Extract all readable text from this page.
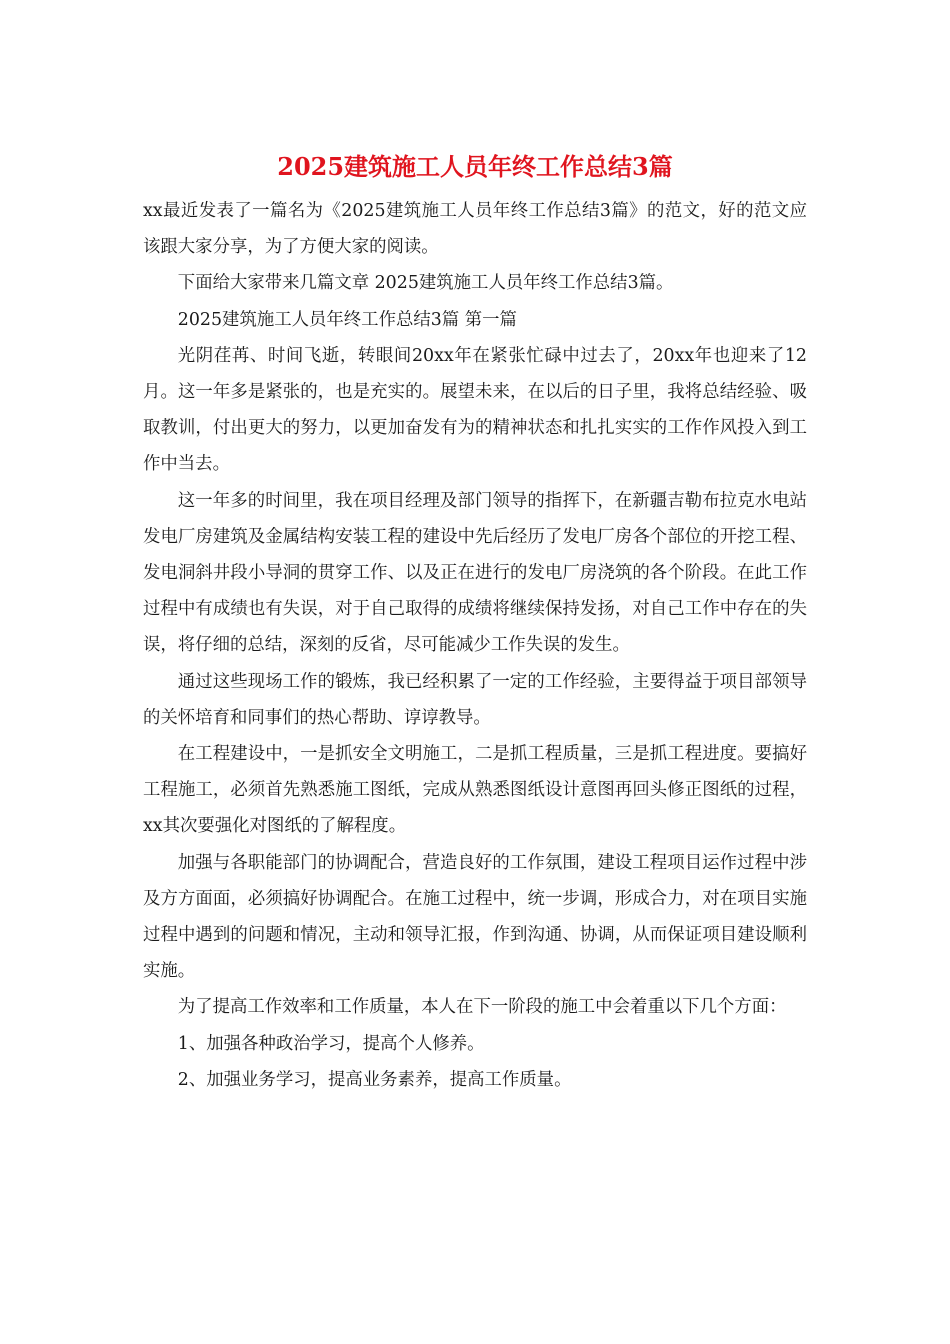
2025建筑施工人员年终工作总结3篇

xx最近发表了一篇名为《2025建筑施工人员年终工作总结3篇》的范文，好的范文应该跟大家分享，为了方便大家的阅读。

下面给大家带来几篇文章 2025建筑施工人员年终工作总结3篇。

2025建筑施工人员年终工作总结3篇 第一篇

光阴荏苒、时间飞逝，转眼间20xx年在紧张忙碌中过去了，20xx年也迎来了12月。这一年多是紧张的，也是充实的。展望未来，在以后的日子里，我将总结经验、吸取教训，付出更大的努力，以更加奋发有为的精神状态和扎扎实实的工作作风投入到工作中当去。

这一年多的时间里，我在项目经理及部门领导的指挥下，在新疆吉勒布拉克水电站发电厂房建筑及金属结构安装工程的建设中先后经历了发电厂房各个部位的开挖工程、发电洞斜井段小导洞的贯穿工作、以及正在进行的发电厂房浇筑的各个阶段。在此工作过程中有成绩也有失误，对于自己取得的成绩将继续保持发扬，对自己工作中存在的失误，将仔细的总结，深刻的反省，尽可能减少工作失误的发生。

通过这些现场工作的锻炼，我已经积累了一定的工作经验，主要得益于项目部领导的关怀培育和同事们的热心帮助、谆谆教导。

在工程建设中，一是抓安全文明施工，二是抓工程质量，三是抓工程进度。要搞好工程施工，必须首先熟悉施工图纸，完成从熟悉图纸设计意图再回头修正图纸的过程，xx其次要强化对图纸的了解程度。

加强与各职能部门的协调配合，营造良好的工作氛围，建设工程项目运作过程中涉及方方面面，必须搞好协调配合。在施工过程中，统一步调，形成合力，对在项目实施过程中遇到的问题和情况，主动和领导汇报，作到沟通、协调，从而保证项目建设顺利实施。

为了提高工作效率和工作质量，本人在下一阶段的施工中会着重以下几个方面：

1、加强各种政治学习，提高个人修养。

2、加强业务学习，提高业务素养，提高工作质量。
